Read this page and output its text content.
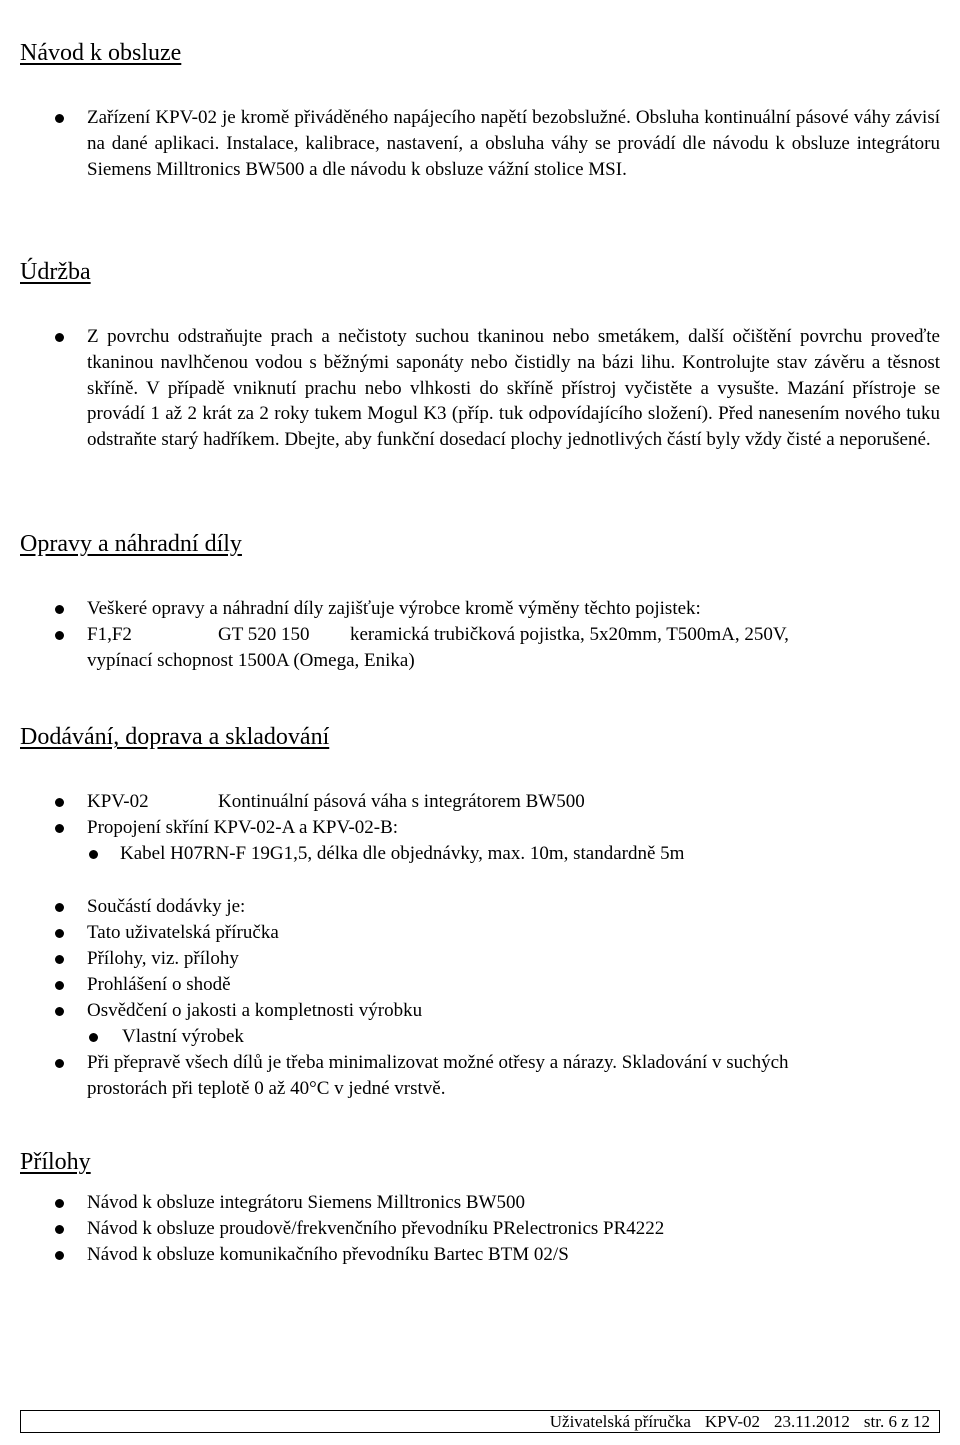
Návod k obsluze

Zařízení KPV-02 je kromě přiváděného napájecího napětí bezobslužné. Obsluha kontinuální pásové váhy závisí na dané aplikaci. Instalace, kalibrace, nastavení, a obsluha váhy se provádí dle návodu k obsluze integrátoru Siemens Milltronics BW500 a dle návodu k obsluze vážní stolice MSI.

Údržba

Z povrchu odstraňujte prach a nečistoty suchou tkaninou nebo smetákem, další očištění povrchu proveďte tkaninou navlhčenou vodou s běžnými saponáty nebo čistidly na bázi lihu. Kontrolujte stav závěru a těsnost skříně. V případě vniknutí prachu nebo vlhkosti do skříně přístroj vyčistěte a vysušte. Mazání přístroje se provádí 1 až 2 krát za 2 roky tukem Mogul K3 (příp. tuk odpovídajícího složení). Před nanesením nového tuku odstraňte starý hadříkem. Dbejte, aby funkční dosedací plochy jednotlivých částí byly vždy čisté a neporušené.

Opravy a náhradní díly
Veškeré opravy a náhradní díly zajišťuje výrobce kromě výměny těchto pojistek:
F1,F2	GT 520 150 keramická trubičková pojistka, 5x20mm, T500mA, 250V,
vypínací schopnost 1500A (Omega, Enika)
Dodávání, doprava a skladování
KPV-02	Kontinuální pásová váha s integrátorem BW500
Propojení skříní KPV-02-A a KPV-02-B:
Kabel H07RN-F 19G1,5, délka dle objednávky, max. 10m, standardně 5m
Součástí dodávky je:
Tato uživatelská příručka
Přílohy, viz. přílohy
Prohlášení o shodě
Osvědčení o jakosti a kompletnosti výrobku
Vlastní výrobek
Při přepravě všech dílů je třeba minimalizovat možné otřesy a nárazy. Skladování v suchých
prostorách při teplotě 0 až 40°C v jedné vrstvě.
Přílohy
Návod k obsluze integrátoru Siemens Milltronics BW500
Návod k obsluze proudově/frekvenčního převodníku PRelectronics PR4222
Návod k obsluze komunikačního převodníku Bartec BTM 02/S
Uživatelská příručka KPV-02 23.11.2012 str. 6 z 12
